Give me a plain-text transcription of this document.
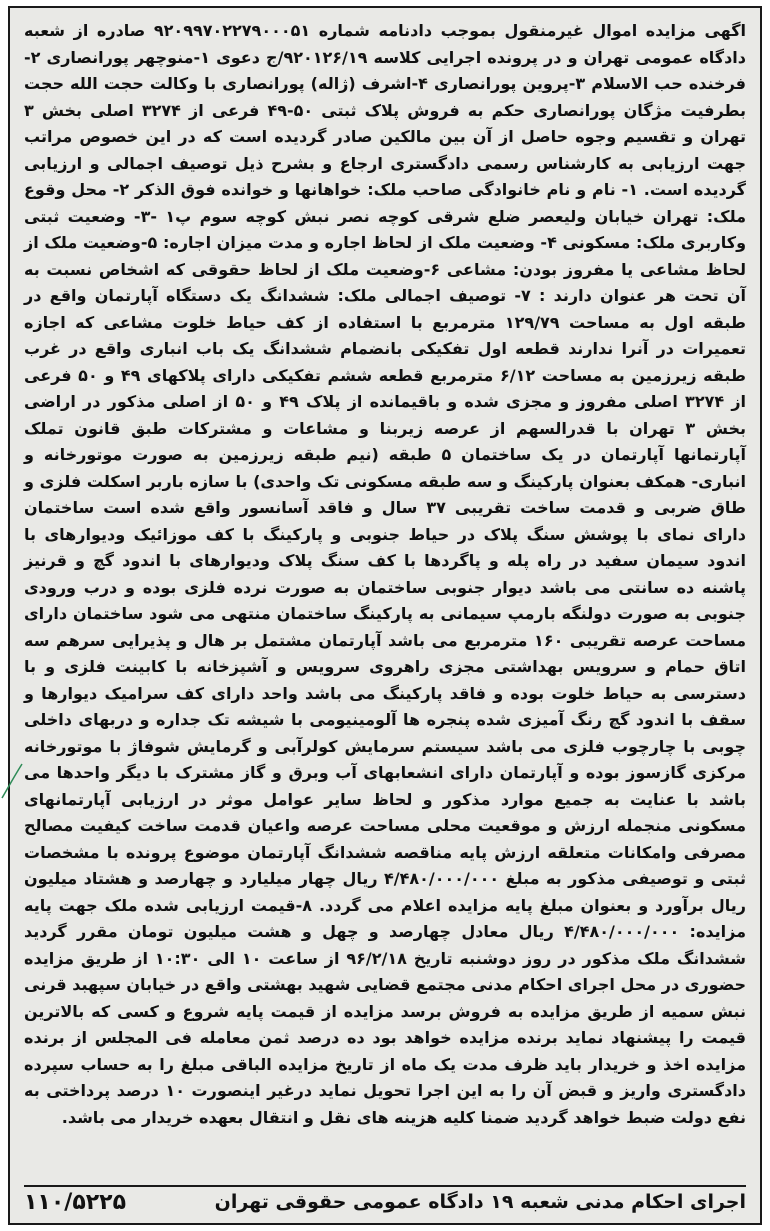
اگهی مزایده اموال غیرمنقول بموجب دادنامه شماره ۹۲۰۹۹۷۰۲۲۷۹۰۰۰۵۱ صادره از شعبه دادگاه عمومی تهران و در پرونده اجرایی کلاسه ۹۲۰۱۲۶/۱۹/ج دعوی ۱-منوچهر پورانصاری ۲-فرخنده حب الاسلام ۳-پروین پورانصاری ۴-اشرف (ژاله) پورانصاری با وکالت حجت الله حجت بطرفیت مژگان پورانصاری حکم به فروش پلاک ثبتی ۵۰-۴۹ فرعی از ۳۲۷۴ اصلی بخش ۳ تهران و تقسیم وجوه حاصل از آن بین مالکین صادر گردیده است که در این خصوص مراتب جهت ارزیابی به کارشناس رسمی دادگستری ارجاع و بشرح ذیل توصیف اجمالی و ارزیابی گردیده است. ۱- نام و نام خانوادگی صاحب ملک: خواهانها و خوانده فوق الذکر ۲- محل وقوع ملک: تهران خیابان ولیعصر ضلع شرقی کوچه نصر نبش کوچه سوم پ۱ -۳- وضعیت ثبتی وکاربری ملک: مسکونی ۴- وضعیت ملک از لحاظ اجاره و مدت میزان اجاره: ۵-وضعیت ملک از لحاظ مشاعی یا مفروز بودن: مشاعی ۶-وضعیت ملک از لحاظ حقوقی که اشخاص نسبت به آن تحت هر عنوان دارند : ۷- توصیف اجمالی ملک: ششدانگ یک دستگاه آپارتمان واقع در طبقه اول به مساحت ۱۲۹/۷۹ مترمربع با استفاده از کف حیاط خلوت مشاعی که اجازه تعمیرات در آنرا ندارند قطعه اول تفکیکی بانضمام ششدانگ یک باب انباری واقع در غرب طبقه زیرزمین به مساحت ۶/۱۲ مترمربع قطعه ششم تفکیکی دارای پلاکهای ۴۹ و ۵۰ فرعی از ۳۲۷۴ اصلی مفروز و مجزی شده و باقیمانده از پلاک ۴۹ و ۵۰ از اصلی مذکور در اراضی بخش ۳ تهران با قدرالسهم از عرصه زیربنا و مشاعات و مشترکات طبق قانون تملک آپارتمانها آپارتمان در یک ساختمان ۵ طبقه (نیم طبقه زیرزمین به صورت موتورخانه و انباری- همکف بعنوان پارکینگ و سه طبقه مسکونی تک واحدی) با سازه باربر اسکلت فلزی و طاق ضربی و قدمت ساخت تقریبی ۳۷ سال و فاقد آسانسور واقع شده است ساختمان دارای نمای با پوشش سنگ پلاک در حیاط جنوبی و پارکینگ با کف موزائیک ودیوارهای با اندود سیمان سفید در راه پله و پاگردها با کف سنگ پلاک ودیوارهای با اندود گچ و قرنیز پاشنه ده سانتی می باشد دیوار جنوبی ساختمان به صورت نرده فلزی بوده و درب ورودی جنوبی به صورت دولنگه بارمپ سیمانی به پارکینگ ساختمان منتهی می شود ساختمان دارای مساحت عرصه تقریبی ۱۶۰ مترمربع می باشد آپارتمان مشتمل بر هال و پذیرایی سرهم سه اتاق حمام و سرویس بهداشتی مجزی راهروی سرویس و آشپزخانه با کابینت فلزی و با دسترسی به حیاط خلوت بوده و فاقد پارکینگ می باشد واحد دارای کف سرامیک دیوارها و سقف با اندود گچ رنگ آمیزی شده پنجره ها آلومینیومی با شیشه تک جداره و دربهای داخلی چوبی با چارچوب فلزی می باشد سیستم سرمایش کولرآبی و گرمایش شوفاژ با موتورخانه مرکزی گازسوز بوده و آپارتمان دارای انشعابهای آب وبرق و گاز مشترک با دیگر واحدها می باشد با عنایت به جمیع موارد مذکور و لحاظ سایر عوامل موثر در ارزیابی آپارتمانهای مسکونی منجمله ارزش و موقعیت محلی مساحت عرصه واعیان قدمت ساخت کیفیت مصالح مصرفی وامکانات متعلقه ارزش پایه مناقصه ششدانگ آپارتمان موضوع پرونده با مشخصات ثبتی و توصیفی مذکور به مبلغ ۴/۴۸۰/۰۰۰/۰۰۰ ریال چهار میلیارد و چهارصد و هشتاد میلیون ریال برآورد و بعنوان مبلغ پایه مزایده اعلام می گردد. ۸-قیمت ارزیابی شده ملک جهت پایه مزایده: ۴/۴۸۰/۰۰۰/۰۰۰ ریال معادل چهارصد و چهل و هشت میلیون تومان مقرر گردید ششدانگ ملک مذکور در روز دوشنبه تاریخ ۹۶/۲/۱۸ از ساعت ۱۰ الی ۱۰:۳۰ از طریق مزایده حضوری در محل اجرای احکام مدنی مجتمع قضایی شهید بهشتی واقع در خیابان سپهبد قرنی نبش سمیه از طریق مزایده به فروش برسد مزایده از قیمت پایه شروع و کسی که بالاترین قیمت را پیشنهاد نماید برنده مزایده خواهد بود ده درصد ثمن معامله فی المجلس از برنده مزایده اخذ و خریدار باید ظرف مدت یک ماه از تاریخ مزایده الباقی مبلغ را به حساب سپرده دادگستری واریز و قبض آن را به این اجرا تحویل نماید درغیر اینصورت ۱۰ درصد پرداختی به نفع دولت ضبط خواهد گردید ضمنا کلیه هزینه های نقل و انتقال بعهده خریدار می باشد.

اجرای احکام مدنی شعبه ۱۹ دادگاه عمومی حقوقی تهران
۱۱۰/۵۲۲۵
